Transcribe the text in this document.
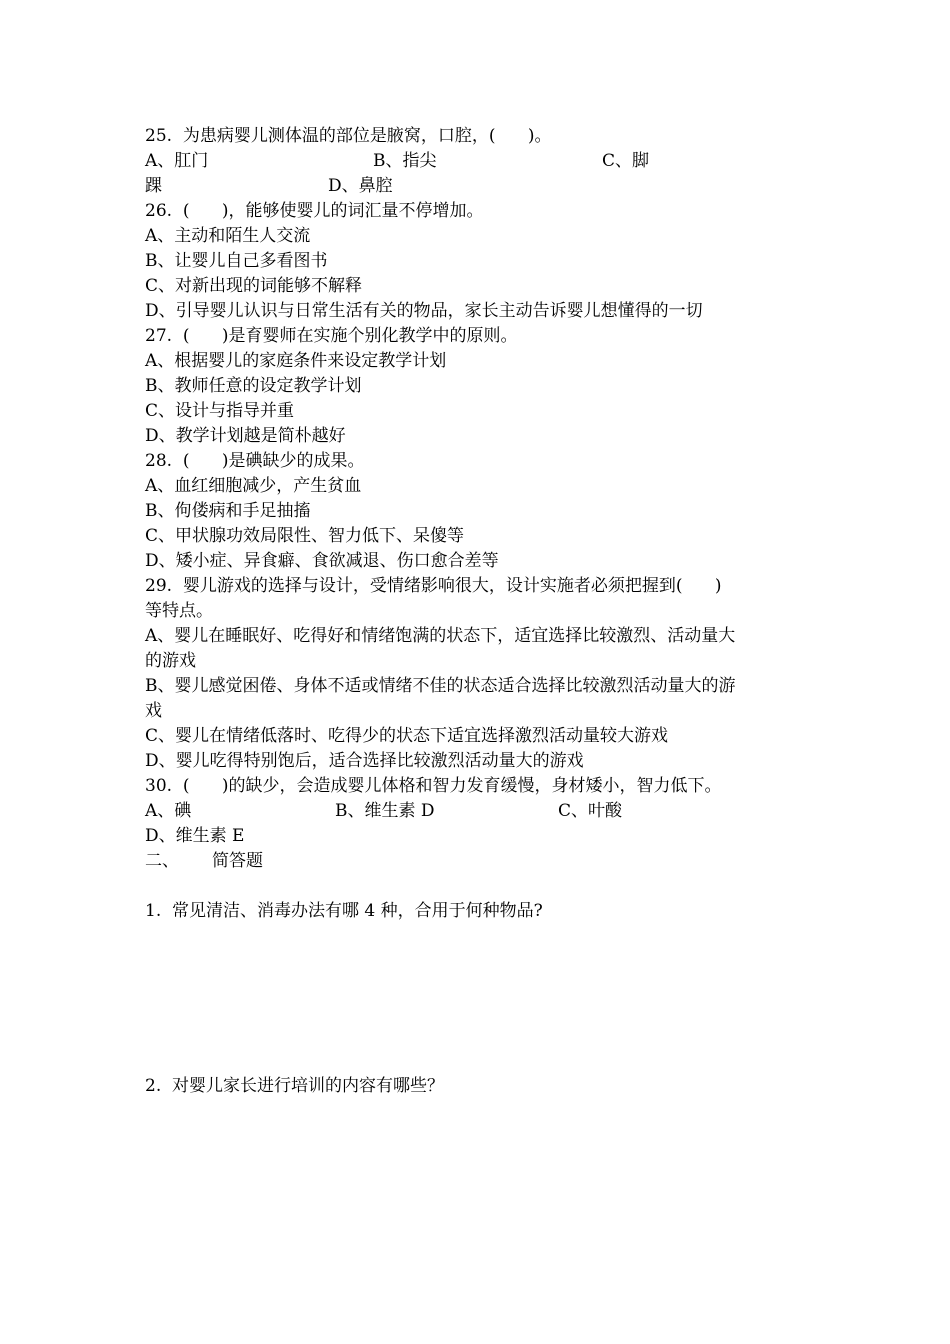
25.  为患病婴儿测体温的部位是腋窝，口腔，(      )。

A、肛门

	B、指尖

	C、脚

踝

	D、鼻腔

26.  (      )，能够使婴儿的词汇量不停增加。
A、主动和陌生人交流
B、让婴儿自己多看图书
C、对新出现的词能够不解释
D、引导婴儿认识与日常生活有关的物品，家长主动告诉婴儿想懂得的一切
27.  (      )是育婴师在实施个别化教学中的原则。
A、根据婴儿的家庭条件来设定教学计划
B、教师任意的设定教学计划
C、设计与指导并重
D、教学计划越是简朴越好
28.  (      )是碘缺少的成果。
A、血红细胞减少，产生贫血
B、佝偻病和手足抽搐
C、甲状腺功效局限性、智力低下、呆傻等
D、矮小症、异食癖、食欲减退、伤口愈合差等
29.  婴儿游戏的选择与设计，受情绪影响很大，设计实施者必须把握到(      )
等特点。
A、婴儿在睡眠好、吃得好和情绪饱满的状态下，适宜选择比较激烈、活动量大
的游戏
B、婴儿感觉困倦、身体不适或情绪不佳的状态适合选择比较激烈活动量大的游
戏
C、婴儿在情绪低落时、吃得少的状态下适宜选择激烈活动量较大游戏
D、婴儿吃得特别饱后，适合选择比较激烈活动量大的游戏
30.  (      )的缺少，会造成婴儿体格和智力发育缓慢，身材矮小，智力低下。

A、碘

	B、维生素 D

	C、叶酸

D、维生素 E

二、

简答题

1.  常见清洁、消毒办法有哪 4 种，合用于何种物品?
2.  对婴儿家长进行培训的内容有哪些？
